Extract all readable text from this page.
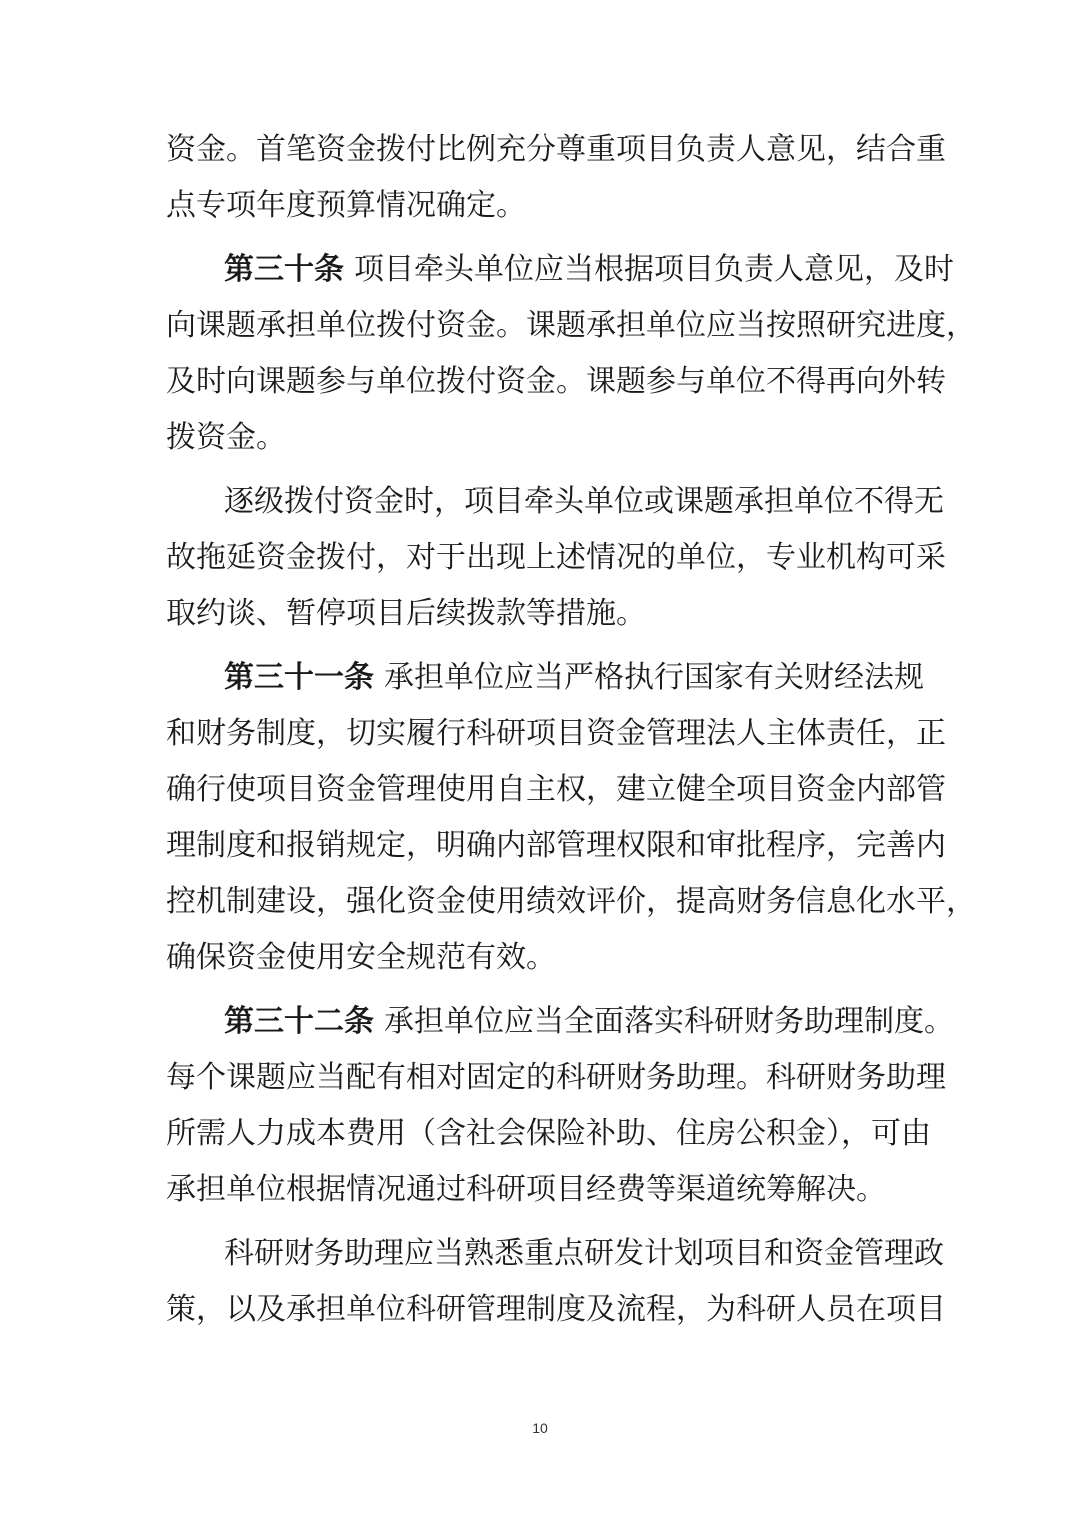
资金。首笔资金拨付比例充分尊重项目负责人意见，结合重
点专项年度预算情况确定。
第三十条 项目牵头单位应当根据项目负责人意见，及时
向课题承担单位拨付资金。课题承担单位应当按照研究进度，
及时向课题参与单位拨付资金。课题参与单位不得再向外转
拨资金。
逐级拨付资金时，项目牵头单位或课题承担单位不得无
故拖延资金拨付，对于出现上述情况的单位，专业机构可采
取约谈、暂停项目后续拨款等措施。
第三十一条 承担单位应当严格执行国家有关财经法规
和财务制度，切实履行科研项目资金管理法人主体责任，正
确行使项目资金管理使用自主权，建立健全项目资金内部管
理制度和报销规定，明确内部管理权限和审批程序，完善内
控机制建设，强化资金使用绩效评价，提高财务信息化水平，
确保资金使用安全规范有效。
第三十二条 承担单位应当全面落实科研财务助理制度。
每个课题应当配有相对固定的科研财务助理。科研财务助理
所需人力成本费用（含社会保险补助、住房公积金），可由
承担单位根据情况通过科研项目经费等渠道统筹解决。
科研财务助理应当熟悉重点研发计划项目和资金管理政
策，以及承担单位科研管理制度及流程，为科研人员在项目
10
